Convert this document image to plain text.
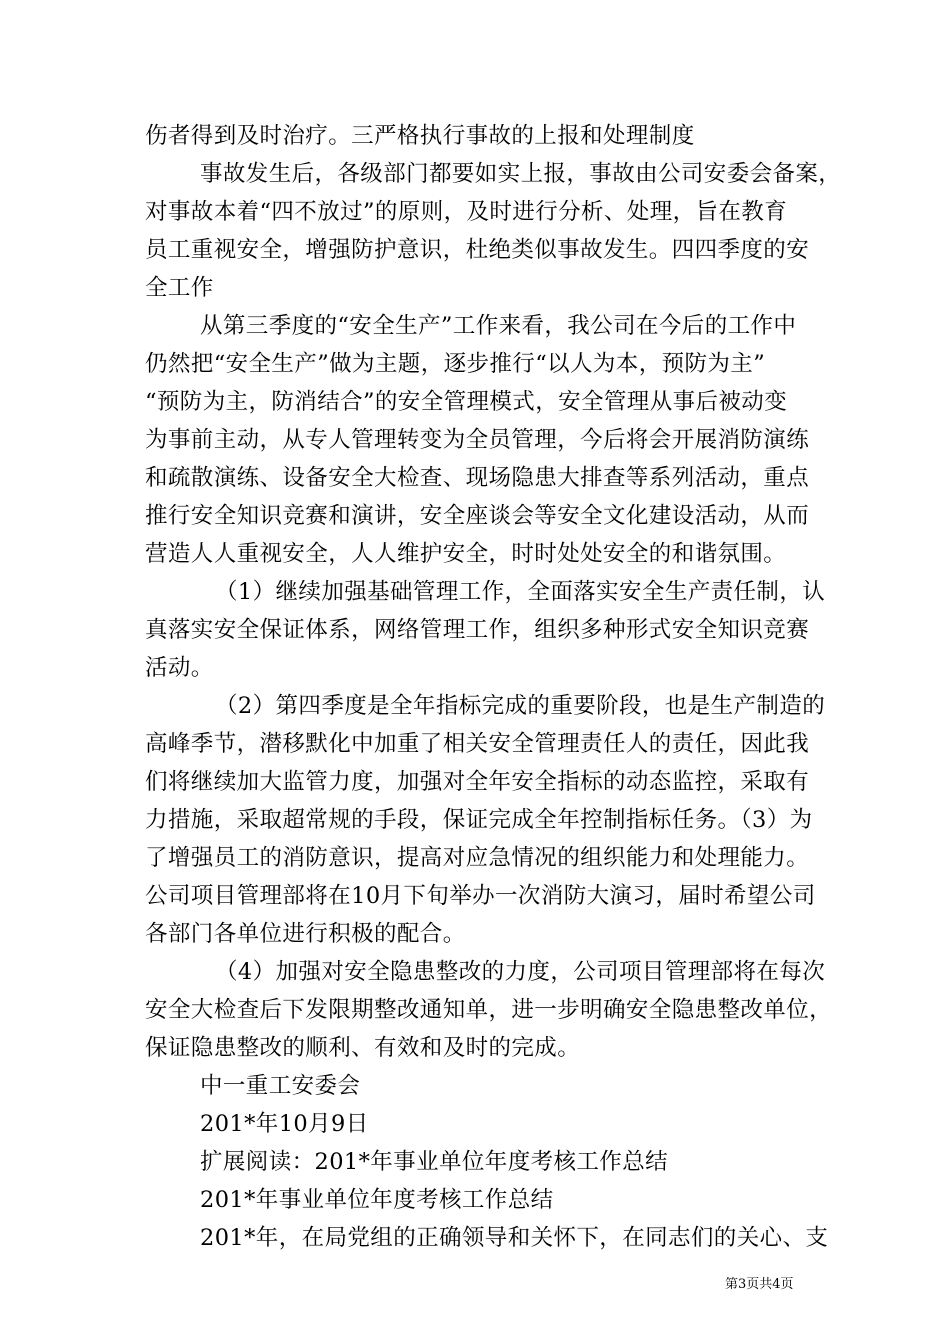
伤者得到及时治疗。三严格执行事故的上报和处理制度
事故发生后，各级部门都要如实上报，事故由公司安委会备案，
对事故本着“四不放过”的原则，及时进行分析、处理，旨在教育
员工重视安全，增强防护意识，杜绝类似事故发生。四四季度的安
全工作
从第三季度的“安全生产”工作来看，我公司在今后的工作中
仍然把“安全生产”做为主题，逐步推行“以人为本，预防为主”
“预防为主，防消结合”的安全管理模式，安全管理从事后被动变
为事前主动，从专人管理转变为全员管理，今后将会开展消防演练
和疏散演练、设备安全大检查、现场隐患大排查等系列活动，重点
推行安全知识竞赛和演讲，安全座谈会等安全文化建设活动，从而
营造人人重视安全，人人维护安全，时时处处安全的和谐氛围。
（1）继续加强基础管理工作，全面落实安全生产责任制，认
真落实安全保证体系，网络管理工作，组织多种形式安全知识竞赛
活动。
（2）第四季度是全年指标完成的重要阶段，也是生产制造的
高峰季节，潜移默化中加重了相关安全管理责任人的责任，因此我
们将继续加大监管力度，加强对全年安全指标的动态监控，采取有
力措施，采取超常规的手段，保证完成全年控制指标任务。（3）为
了增强员工的消防意识，提高对应急情况的组织能力和处理能力。
公司项目管理部将在10月下旬举办一次消防大演习，届时希望公司
各部门各单位进行积极的配合。
（4）加强对安全隐患整改的力度，公司项目管理部将在每次
安全大检查后下发限期整改通知单，进一步明确安全隐患整改单位，
保证隐患整改的顺利、有效和及时的完成。
中一重工安委会
201*年10月9日
扩展阅读：201*年事业单位年度考核工作总结
201*年事业单位年度考核工作总结
201*年，在局党组的正确领导和关怀下，在同志们的关心、支
第3页共4页
